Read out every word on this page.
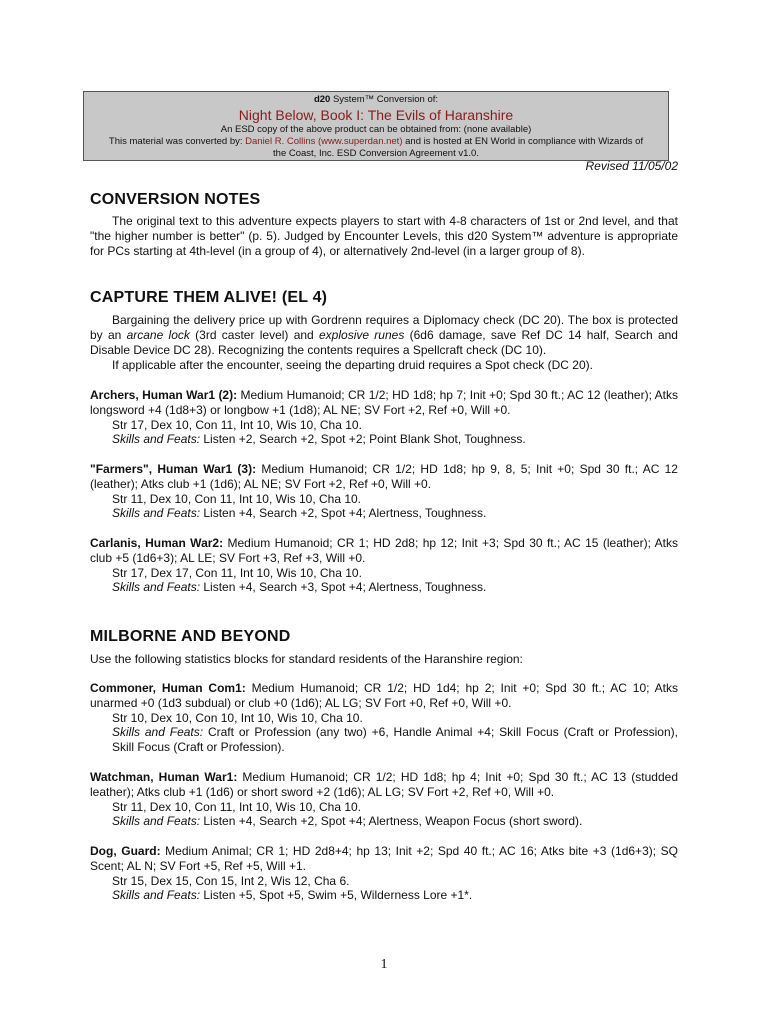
d20 System™ Conversion of:
Night Below, Book I: The Evils of Haranshire
An ESD copy of the above product can be obtained from: (none available)
This material was converted by: Daniel R. Collins (www.superdan.net) and is hosted at EN World in compliance with Wizards of
the Coast, Inc. ESD Conversion Agreement v1.0.
Revised 11/05/02
CONVERSION NOTES
The original text to this adventure expects players to start with 4-8 characters of 1st or 2nd level, and that "the higher number is better" (p. 5). Judged by Encounter Levels, this d20 System™ adventure is appropriate for PCs starting at 4th-level (in a group of 4), or alternatively 2nd-level (in a larger group of 8).
CAPTURE THEM ALIVE! (EL 4)
Bargaining the delivery price up with Gordrenn requires a Diplomacy check (DC 20). The box is protected by an arcane lock (3rd caster level) and explosive runes (6d6 damage, save Ref DC 14 half, Search and Disable Device DC 28). Recognizing the contents requires a Spellcraft check (DC 10).
If applicable after the encounter, seeing the departing druid requires a Spot check (DC 20).
Archers, Human War1 (2): Medium Humanoid; CR 1/2; HD 1d8; hp 7; Init +0; Spd 30 ft.; AC 12 (leather); Atks longsword +4 (1d8+3) or longbow +1 (1d8); AL NE; SV Fort +2, Ref +0, Will +0.
Str 17, Dex 10, Con 11, Int 10, Wis 10, Cha 10.
Skills and Feats: Listen +2, Search +2, Spot +2; Point Blank Shot, Toughness.
"Farmers", Human War1 (3): Medium Humanoid; CR 1/2; HD 1d8; hp 9, 8, 5; Init +0; Spd 30 ft.; AC 12 (leather); Atks club +1 (1d6); AL NE; SV Fort +2, Ref +0, Will +0.
Str 11, Dex 10, Con 11, Int 10, Wis 10, Cha 10.
Skills and Feats: Listen +4, Search +2, Spot +4; Alertness, Toughness.
Carlanis, Human War2: Medium Humanoid; CR 1; HD 2d8; hp 12; Init +3; Spd 30 ft.; AC 15 (leather); Atks club +5 (1d6+3); AL LE; SV Fort +3, Ref +3, Will +0.
Str 17, Dex 17, Con 11, Int 10, Wis 10, Cha 10.
Skills and Feats: Listen +4, Search +3, Spot +4; Alertness, Toughness.
MILBORNE AND BEYOND
Use the following statistics blocks for standard residents of the Haranshire region:
Commoner, Human Com1: Medium Humanoid; CR 1/2; HD 1d4; hp 2; Init +0; Spd 30 ft.; AC 10; Atks unarmed +0 (1d3 subdual) or club +0 (1d6); AL LG; SV Fort +0, Ref +0, Will +0.
Str 10, Dex 10, Con 10, Int 10, Wis 10, Cha 10.
Skills and Feats: Craft or Profession (any two) +6, Handle Animal +4; Skill Focus (Craft or Profession), Skill Focus (Craft or Profession).
Watchman, Human War1: Medium Humanoid; CR 1/2; HD 1d8; hp 4; Init +0; Spd 30 ft.; AC 13 (studded leather); Atks club +1 (1d6) or short sword +2 (1d6); AL LG; SV Fort +2, Ref +0, Will +0.
Str 11, Dex 10, Con 11, Int 10, Wis 10, Cha 10.
Skills and Feats: Listen +4, Search +2, Spot +4; Alertness, Weapon Focus (short sword).
Dog, Guard: Medium Animal; CR 1; HD 2d8+4; hp 13; Init +2; Spd 40 ft.; AC 16; Atks bite +3 (1d6+3); SQ Scent; AL N; SV Fort +5, Ref +5, Will +1.
Str 15, Dex 15, Con 15, Int 2, Wis 12, Cha 6.
Skills and Feats: Listen +5, Spot +5, Swim +5, Wilderness Lore +1*.
1
